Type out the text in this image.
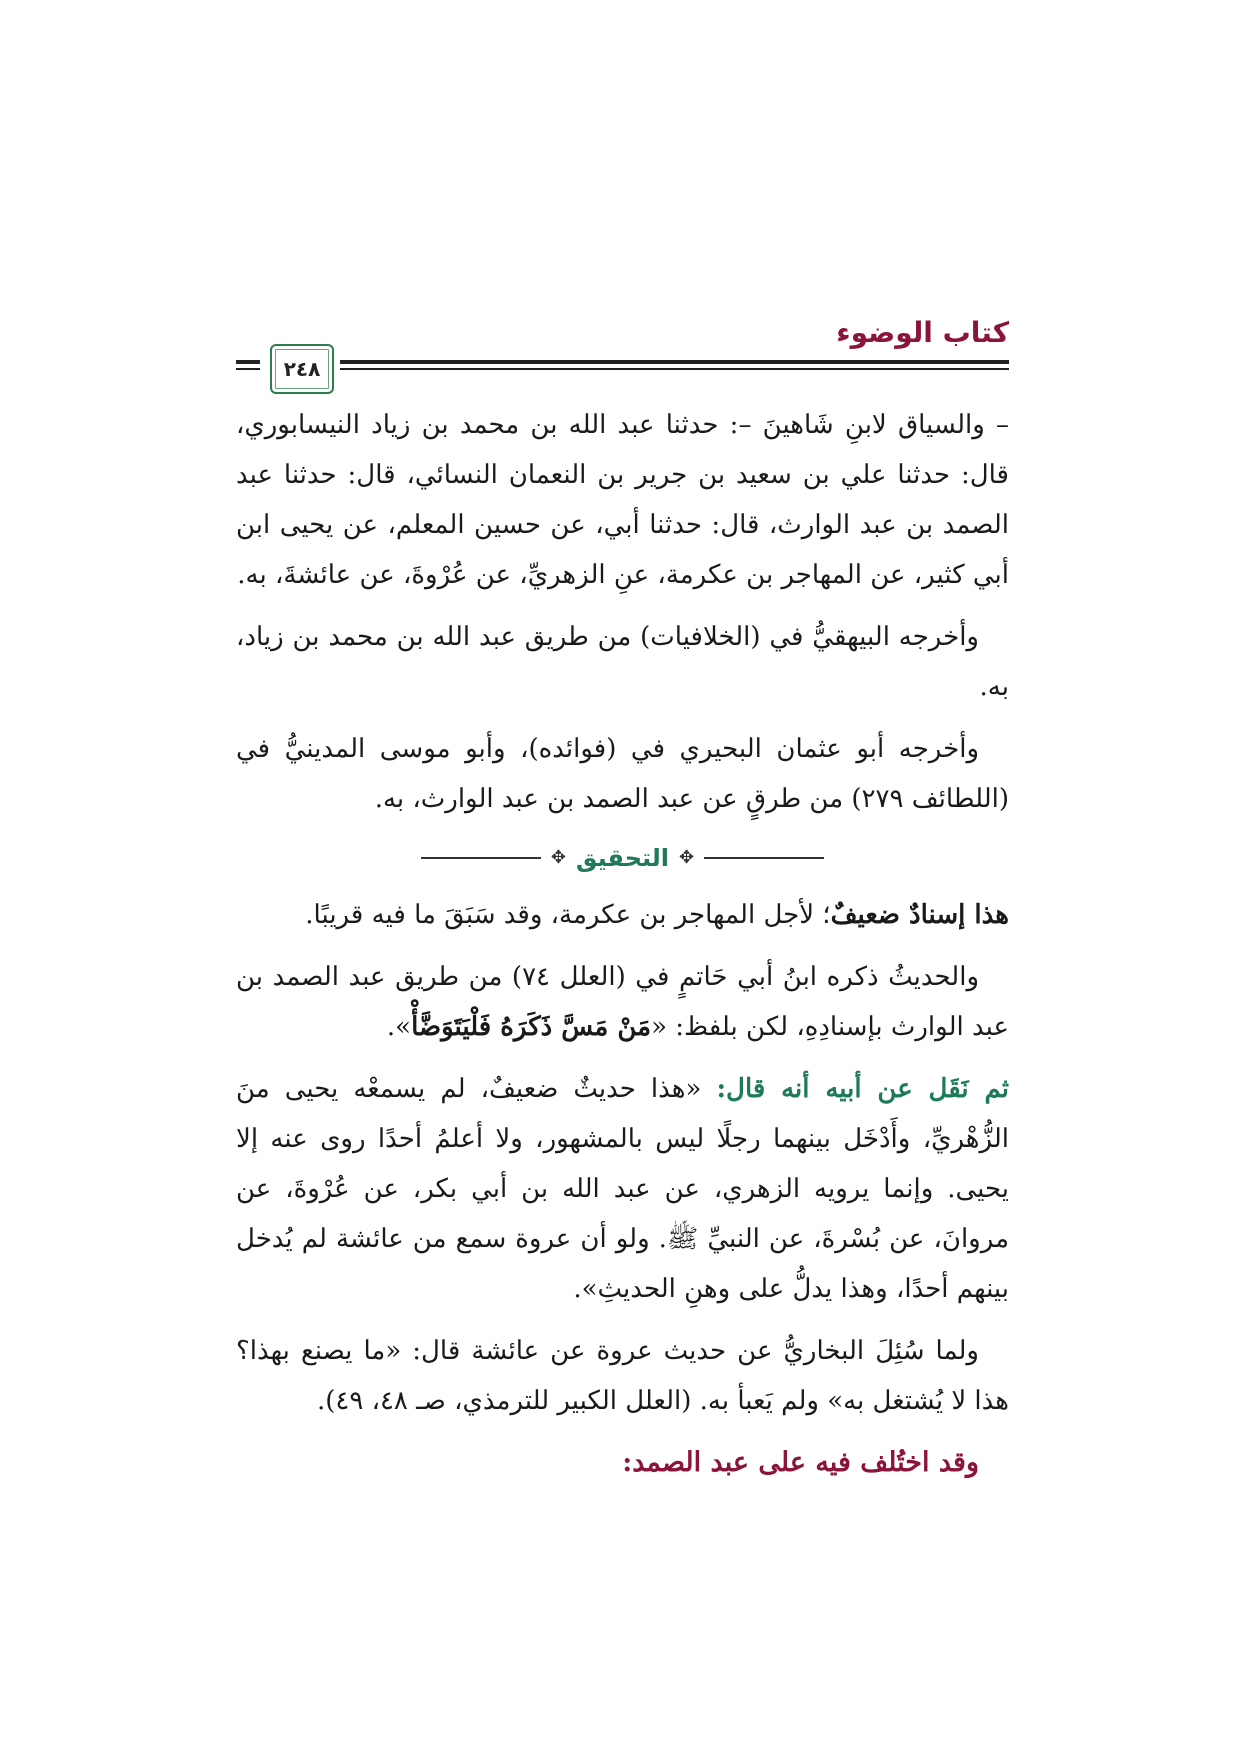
كتاب الوضوء
٢٤٨

– والسياق لابنِ شَاهينَ –: حدثنا عبد الله بن محمد بن زياد النيسابوري، قال: حدثنا علي بن سعيد بن جرير بن النعمان النسائي، قال: حدثنا عبد الصمد بن عبد الوارث، قال: حدثنا أبي، عن حسين المعلم، عن يحيى ابن أبي كثير، عن المهاجر بن عكرمة، عنِ الزهريِّ، عن عُرْوةَ، عن عائشةَ، به.

وأخرجه البيهقيُّ في (الخلافيات) من طريق عبد الله بن محمد بن زياد، به.

وأخرجه أبو عثمان البحيري في (فوائده)، وأبو موسى المدينيُّ في (اللطائف ٢٧٩) من طرقٍ عن عبد الصمد بن عبد الوارث، به.

✥
التحقيق
✥

هذا إسنادٌ ضعيفٌ؛ لأجل المهاجر بن عكرمة، وقد سَبَقَ ما فيه قريبًا.

والحديثُ ذكره ابنُ أبي حَاتمٍ في (العلل ٧٤) من طريق عبد الصمد بن عبد الوارث بإسنادِهِ، لكن بلفظ: «مَنْ مَسَّ ذَكَرَهُ فَلْيَتَوَضَّأْ».

ثم نَقَل عن أبيه أنه قال: «هذا حديثٌ ضعيفٌ، لم يسمعْه يحيى منَ الزُّهْريِّ، وأَدْخَل بينهما رجلًا ليس بالمشهور، ولا أعلمُ أحدًا روى عنه إلا يحيى. وإنما يرويه الزهري، عن عبد الله بن أبي بكر، عن عُرْوةَ، عن مروانَ، عن بُسْرةَ، عن النبيِّ ﷺ. ولو أن عروة سمع من عائشة لم يُدخل بينهم أحدًا، وهذا يدلُّ على وهنِ الحديثِ».

ولما سُئِلَ البخاريُّ عن حديث عروة عن عائشة قال: «ما يصنع بهذا؟ هذا لا يُشتغل به» ولم يَعبأ به. (العلل الكبير للترمذي، صـ ٤٨، ٤٩).

وقد اختُلف فيه على عبد الصمد:
